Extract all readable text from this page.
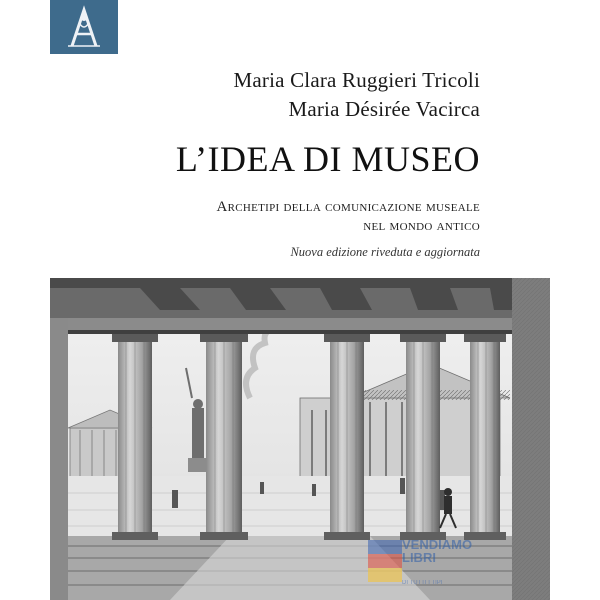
Maria Clara Ruggieri Tricoli
Maria Désirée Vacirca
L’IDEA DI MUSEO
Archetipi della comunicazione museale
nel mondo antico
Nuova edizione riveduta e aggiornata
VENDIAMO
LIBRI
DI TUTTI I TIPI
